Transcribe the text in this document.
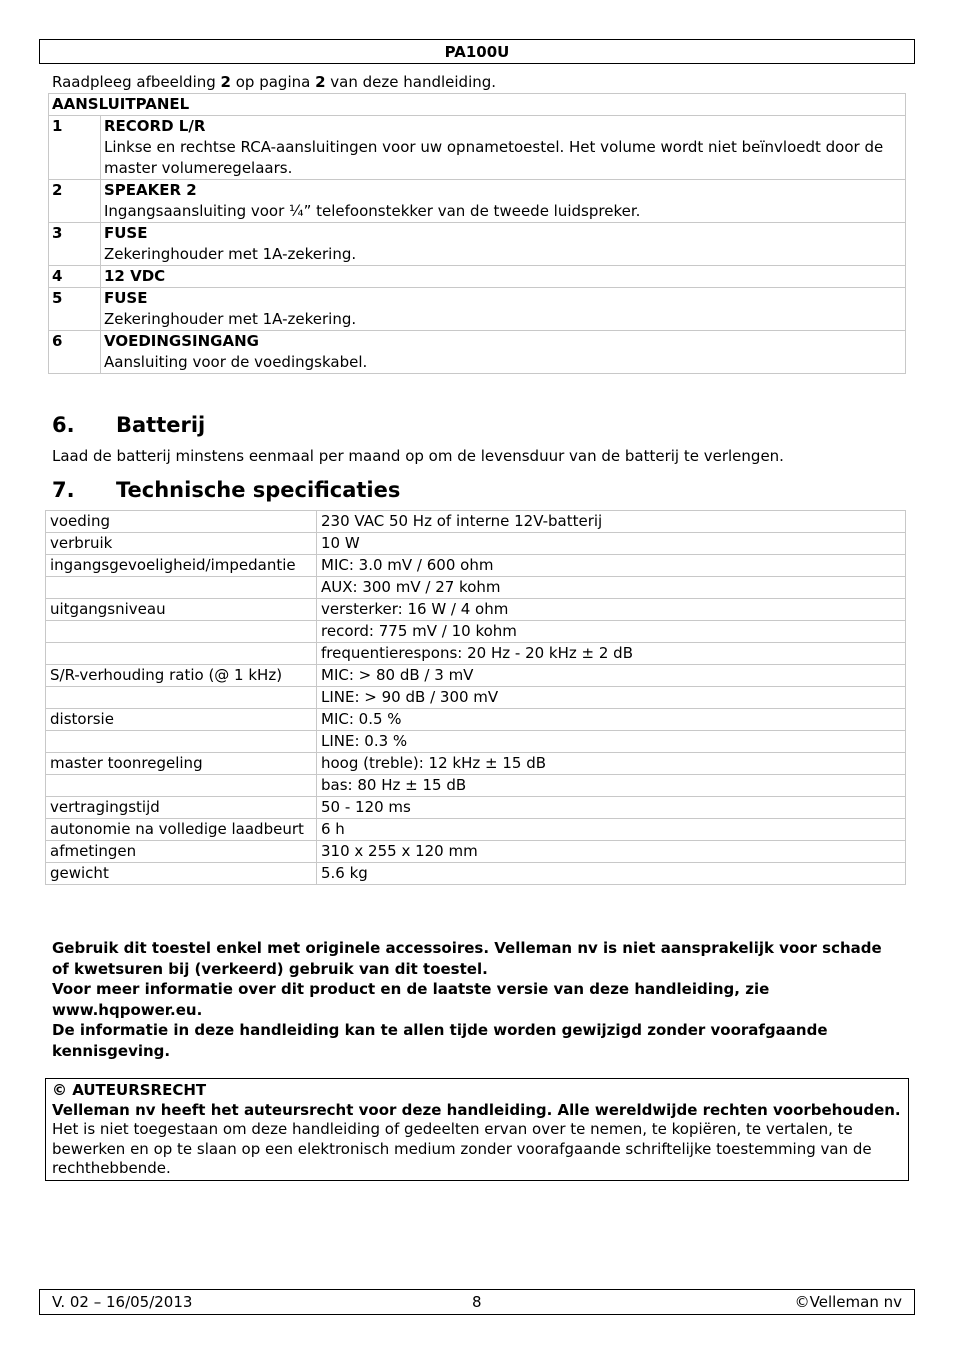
PA100U
Raadpleeg afbeelding 2 op pagina 2 van deze handleiding.
AANSLUITPANEL	
1	RECORD L/R
Linkse en rechtse RCA-aansluitingen voor uw opnametoestel. Het volume wordt niet beïnvloedt door de master volumeregelaars.

2	SPEAKER 2
Ingangsaansluiting voor ¼” telefoonstekker van de tweede luidspreker.

3	FUSE
Zekeringhouder met 1A-zekering.

4	12 VDC

5	FUSE
Zekeringhouder met 1A-zekering.

6	VOEDINGSINGANG
Aansluiting voor de voedingskabel.
6. Batterij
Laad de batterij minstens eenmaal per maand op om de levensduur van de batterij te verlengen.
7. Technische specificaties
voeding	230 VAC 50 Hz of interne 12V-batterij
verbruik	10 W
ingangsgevoeligheid/impedantie	MIC: 3.0 mV / 600 ohm
	AUX: 300 mV / 27 kohm
uitgangsniveau	versterker: 16 W / 4 ohm
	record: 775 mV / 10 kohm
	frequentierespons: 20 Hz - 20 kHz ± 2 dB
S/R-verhouding ratio (@ 1 kHz)	MIC: > 80 dB / 3 mV
	LINE: > 90 dB / 300 mV
distorsie	MIC: 0.5 %
	LINE: 0.3 %
master toonregeling	hoog (treble): 12 kHz ± 15 dB
	bas: 80 Hz ± 15 dB
vertragingstijd	50 - 120 ms
autonomie na volledige laadbeurt	6 h
afmetingen	310 x 255 x 120 mm
gewicht	5.6 kg
Gebruik dit toestel enkel met originele accessoires. Velleman nv is niet aansprakelijk voor schade of kwetsuren bij (verkeerd) gebruik van dit toestel.
Voor meer informatie over dit product en de laatste versie van deze handleiding, zie www.hqpower.eu.
De informatie in deze handleiding kan te allen tijde worden gewijzigd zonder voorafgaande kennisgeving.
© AUTEURSRECHT
Velleman nv heeft het auteursrecht voor deze handleiding. Alle wereldwijde rechten voorbehouden. Het is niet toegestaan om deze handleiding of gedeelten ervan over te nemen, te kopiëren, te vertalen, te bewerken en op te slaan op een elektronisch medium zonder voorafgaande schriftelijke toestemming van de rechthebbende.
V. 02 – 16/05/2013	8	©Velleman nv
